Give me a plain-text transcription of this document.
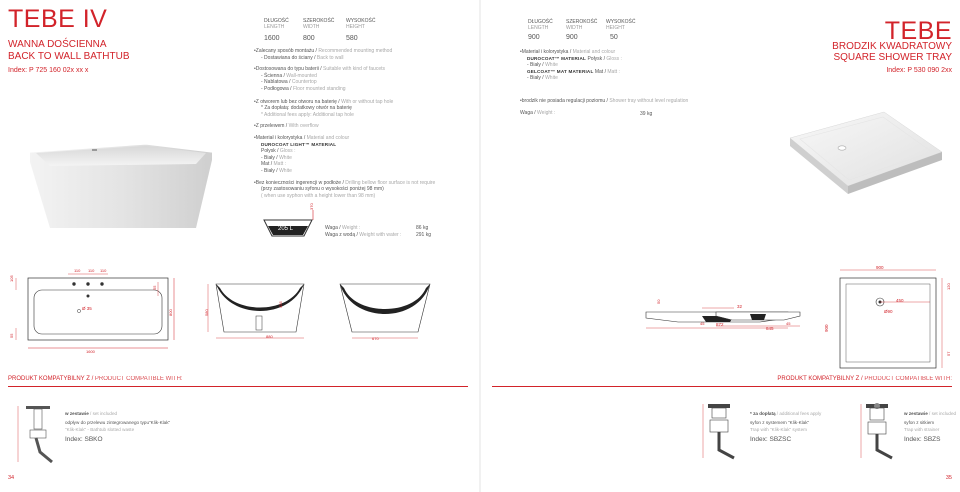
TEBE IV
WANNA DOŚCIENNA
BACK TO WALL BATHTUB
Index: P 725 160 02x xx x
DŁUGOŚĆ
LENGTH
SZEROKOŚĆ
WIDTH
WYSOKOŚĆ
HEIGHT
1600	800	580
• Zalecany sposób montażu / Recommended mounting method
- Dostawiana do ściany / Back to wall
• Dostosowana do typu baterii / Suitable with kind of faucets
- Ścienna / Wall-mounted
- Nablatowa / Countertop
- Podłogowa / Floor mounted standing
• Z otworem lub bez otworu na baterię / With or without tap hole
* Za dopłatą: dodatkowy otwór na baterię
* Additional fees apply: Additional tap hole
• Z przelewem / With overflow
• Materiał i kolorystyka / Material and colour
DUROCOAT LIGHT™ MATERIAL
Połysk / Gloss :
- Biały / White
Mat / Matt :
- Biały / White
• Bez konieczności ingerencji w podłoże / Drilling bellow floor surface is not require
(przy zastosowaniu syfonu o wysokości poniżej 98 mm)
( when use syphon with a height lower than 98 mm)
205 L
370
Waga / Weight :
Waga z wodą / Weight with water :
86 kg
291 kg
110 110 110
105
55
55
Ø 35
800
1600
580
880	670
435
PRODUKT KOMPATYBILNY Z / PRODUCT COMPATIBLE WITH:
w zestawie / set included
odpływ do przelewu zintegrowanego typu"Klik-Klak"
"Klik-Klak" - Bathtub slotted waste
Index: SBKO
34
TEBE
BRODZIK KWADRATOWY
SQUARE SHOWER TRAY
Index: P 530 090 2xx
DŁUGOŚĆ
LENGTH
SZEROKOŚĆ
WIDTH
WYSOKOŚĆ
HEIGHT
900	900	50
• Materiał i kolorystyka / Material and colour
DUROCOAT™ MATERIAL Połysk / Gloss :
- Biały / White
GELCOAT™ MAT MATERIAL Mat / Matt :
- Biały / White
• brodzik nie posiada regulacji poziomu / Shower tray without level regulation
Waga / Weight :	39 kg
872
50
32
845
45	45
900
450
Ø90
900
120
57
PRODUKT KOMPATYBILNY Z / PRODUCT COMPATIBLE WITH:
* za dopłatą / additional fees apply
syfon z systemem "Klik-Klak"
Trap with "Klik-Klak" system
Index: SBZSC
w zestawie / set included
syfon z sitkiem
Trap with strainer
Index: SBZS
35
